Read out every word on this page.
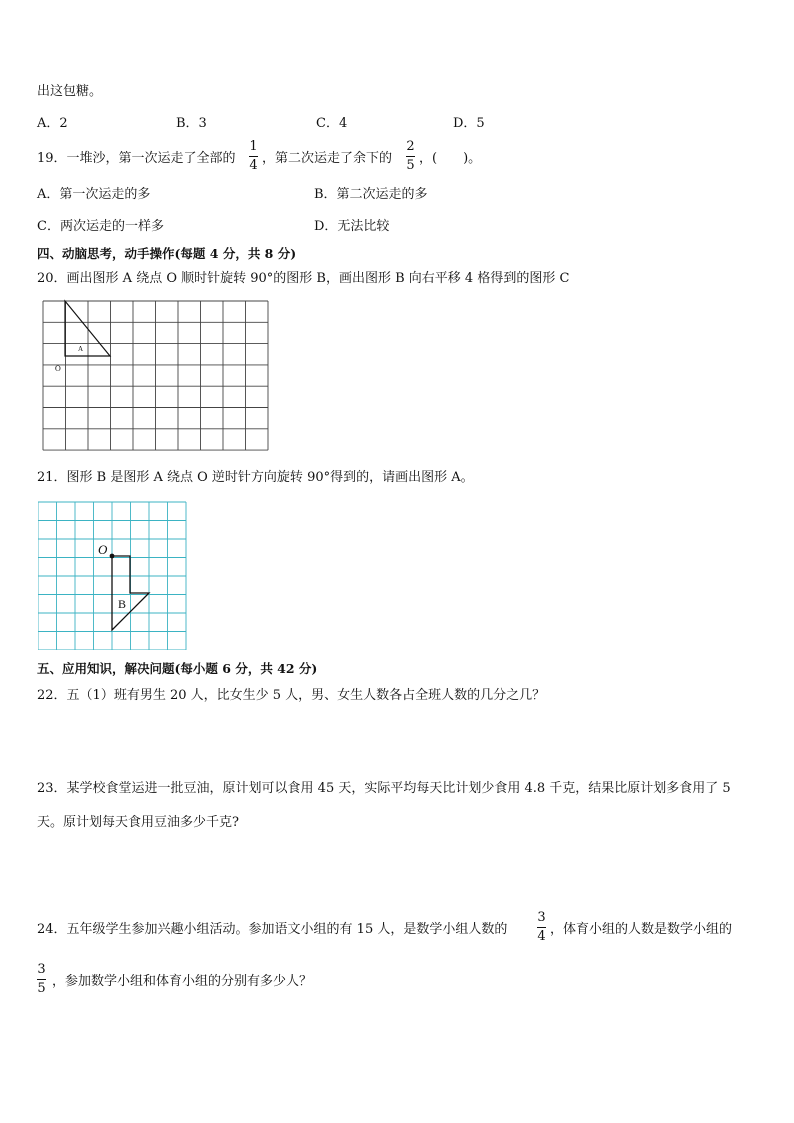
出这包糖。
A．2	B．3	C．4	D．5
19．一堆沙，第一次运走了全部的
1
4 ，第二次运走了余下的
2
5 ，(　　)。
A．第一次运走的多	B．第二次运走的多
C．两次运走的一样多	D．无法比较
四、动脑思考，动手操作(每题 4 分，共 8 分)
20．画出图形 A 绕点 O 顺时针旋转 90°的图形 B，画出图形 B 向右平移 4 格得到的图形 C
A
O
21．图形 B 是图形 A 绕点 O 逆时针方向旋转 90°得到的，请画出图形 A。
O
B
五、应用知识，解决问题(每小题 6 分，共 42 分)
22．五（1）班有男生 20 人，比女生少 5 人，男、女生人数各占全班人数的几分之几？
23．某学校食堂运进一批豆油，原计划可以食用 45 天，实际平均每天比计划少食用 4.8 千克，结果比原计划多食用了 5
天。原计划每天食用豆油多少千克?
24．五年级学生参加兴趣小组活动。参加语文小组的有 15 人，是数学小组人数的
3
4 ，体育小组的人数是数学小组的
3
5 ，参加数学小组和体育小组的分别有多少人？
